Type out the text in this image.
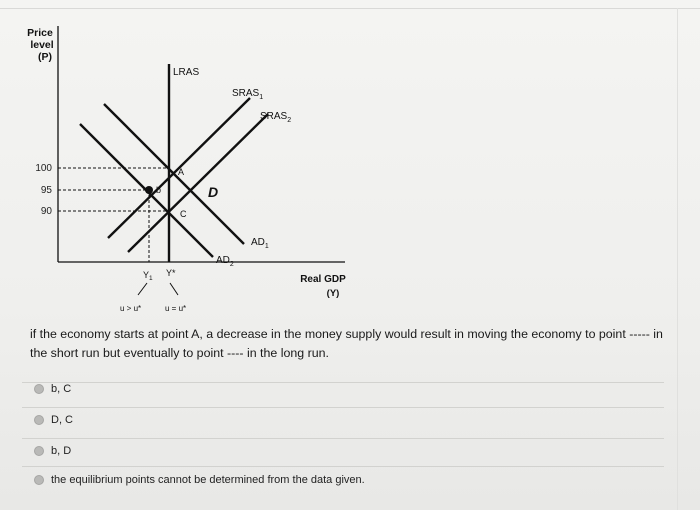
Price
level
(P)
100
95
90
LRAS
$SRAS_1$
$SRAS_2$
$AD_1$
$AD_2$
A
b
C
D
Real GDP
(Y)
$Y_1$
Y*
u > u*	u = u*
if the economy starts at point A, a decrease in the money supply would result in moving the economy to point ----- in the short run but eventually to point ---- in the long run.
b, C
D, C
b, D
the equilibrium points cannot be determined from the data given.
